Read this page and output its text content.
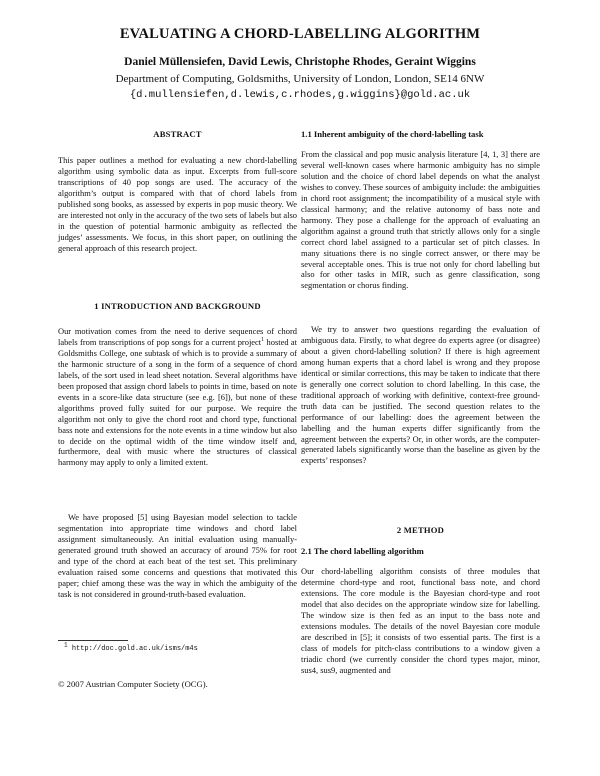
EVALUATING A CHORD-LABELLING ALGORITHM
Daniel Müllensiefen, David Lewis, Christophe Rhodes, Geraint Wiggins
Department of Computing, Goldsmiths, University of London, London, SE14 6NW
{d.mullensiefen,d.lewis,c.rhodes,g.wiggins}@gold.ac.uk
ABSTRACT

This paper outlines a method for evaluating a new chord-labelling algorithm using symbolic data as input. Excerpts from full-score transcriptions of 40 pop songs are used. The accuracy of the algorithm’s output is compared with that of chord labels from published song books, as assessed by experts in pop music theory. We are interested not only in the accuracy of the two sets of labels but also in the question of potential harmonic ambiguity as reflected the judges’ assessments. We focus, in this short paper, on outlining the general approach of this research project.

1 INTRODUCTION AND BACKGROUND

Our motivation comes from the need to derive sequences of chord labels from transcriptions of pop songs for a current project$^1$ hosted at Goldsmiths College, one subtask of which is to provide a summary of the harmonic structure of a song in the form of a sequence of chord labels, of the sort used in lead sheet notation. Several algorithms have been proposed that assign chord labels to points in time, based on note events in a score-like data structure (see e.g. [6]), but none of these algorithms proved fully suited for our purpose. We require the algorithm not only to give the chord root and chord type, functional bass note and extensions for the note events in a time window but also to decide on the optimal width of the time window itself and, furthermore, deal with music where the structures of classical harmony may apply to only a limited extent.

We have proposed [5] using Bayesian model selection to tackle segmentation into appropriate time windows and chord label assignment simultaneously. An initial evaluation using manually-generated ground truth showed an accuracy of around 75% for root and type of the chord at each beat of the test set. This preliminary evaluation raised some concerns and questions that motivated this paper; chief among these was the way in which the ambiguity of the task is not considered in ground-truth-based evaluation.

$^1$ http://doc.gold.ac.uk/isms/m4s
© 2007 Austrian Computer Society (OCG).
1.1 Inherent ambiguity of the chord-labelling task

From the classical and pop music analysis literature [4, 1, 3] there are several well-known cases where harmonic ambiguity has no simple solution and the choice of chord label depends on what the analyst wishes to convey. These sources of ambiguity include: the ambiguities in chord root assignment; the incompatibility of a musical style with classical harmony; and the relative autonomy of bass note and harmony. They pose a challenge for the approach of evaluating an algorithm against a ground truth that strictly allows only for a single correct chord label assigned to a particular set of pitch classes. In many situations there is no single correct answer, or there may be several acceptable ones. This is true not only for chord labelling but also for other tasks in MIR, such as genre classification, song segmentation or chorus finding.

We try to answer two questions regarding the evaluation of ambiguous data. Firstly, to what degree do experts agree (or disagree) about a given chord-labelling solution? If there is high agreement among human experts that a chord label is wrong and they propose identical or similar corrections, this may be taken to indicate that there is generally one correct solution to chord labelling. In this case, the traditional approach of working with definitive, context-free ground-truth data can be justified. The second question relates to the performance of our labelling: does the agreement between the labelling and the human experts differ significantly from the agreement between the experts? Or, in other words, are the computer-generated labels significantly worse than the baseline as given by the experts’ responses?

2 METHOD
2.1 The chord labelling algorithm

Our chord-labelling algorithm consists of three modules that determine chord-type and root, functional bass note, and chord extensions. The core module is the Bayesian chord-type and root model that also decides on the appropriate window size for labelling. The window size is then fed as an input to the bass note and extensions modules. The details of the novel Bayesian core module are described in [5]; it consists of two essential parts. The first is a class of models for pitch-class contributions to a window given a triadic chord (we currently consider the chord types major, minor, sus4, sus9, augmented and
